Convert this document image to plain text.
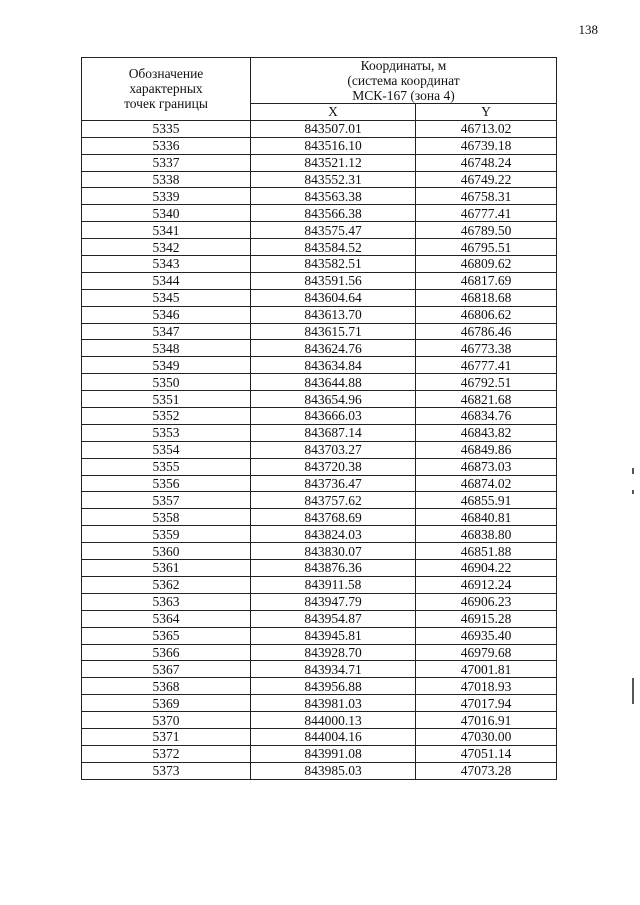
138
Обозначение
характерных
точек границы	Координаты, м
(система координат
МСК-167 (зона 4)	

	X	Y
5335	843507.01	46713.02
5336	843516.10	46739.18
5337	843521.12	46748.24
5338	843552.31	46749.22
5339	843563.38	46758.31
5340	843566.38	46777.41
5341	843575.47	46789.50
5342	843584.52	46795.51
5343	843582.51	46809.62
5344	843591.56	46817.69
5345	843604.64	46818.68
5346	843613.70	46806.62
5347	843615.71	46786.46
5348	843624.76	46773.38
5349	843634.84	46777.41
5350	843644.88	46792.51
5351	843654.96	46821.68
5352	843666.03	46834.76
5353	843687.14	46843.82
5354	843703.27	46849.86
5355	843720.38	46873.03
5356	843736.47	46874.02
5357	843757.62	46855.91
5358	843768.69	46840.81
5359	843824.03	46838.80
5360	843830.07	46851.88
5361	843876.36	46904.22
5362	843911.58	46912.24
5363	843947.79	46906.23
5364	843954.87	46915.28
5365	843945.81	46935.40
5366	843928.70	46979.68
5367	843934.71	47001.81
5368	843956.88	47018.93
5369	843981.03	47017.94
5370	844000.13	47016.91
5371	844004.16	47030.00
5372	843991.08	47051.14
5373	843985.03	47073.28
